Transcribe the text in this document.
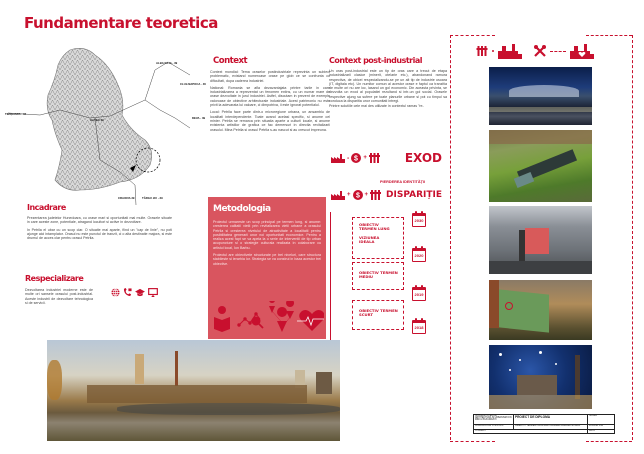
Fundamentare teoretica
ALBA IULIA - 39
CLUJ-NAPOCA - 46
TIMIȘOARA - 34
HAȚEG 39	DEVA - 39
CRAIOVA 39	TÂRGU JIU - 39
Incadrare

Prezentarea judetelor Hunedoara, cu orase mari si oportunitati mai multe. Orasele situate in care aceste zone, potentiale, atragand locuitori si active in dezvoltare.

In Petrila el ubar cu un scop clar. O situatie mai aparte, fiind un "cap de linie", nu poti ajunge aici intamplator. Orasul nu este punctul de tranzit, ci o alta destinatie majora, si este drumul de acces clar pentru orasul Petrila.

Respecializare
Dezvoltarea industriei moderne este de multe ori sansele orasului post-industrial. Aceste industrii de dezvoltare tehnologica si de servicii.
Context

Context mondial: Tema oraselor postindustriale reprezinta un subiect problematic, existand numeroase orase pe glob ce se confrunta cu dificultati, dupa caderea industriei.

National: Romania se afla dezavantajata printre tarile in care industrializarea a reprezentat un fenomen extins, cu un numar mare de orase dezvoltate in jurul industriei. Astfel, discutam in prezent de exemple valoroase de obiective arhitecturale industriale. Acest patrimoniu nu este privit la adevarata lui valoare, ci dimpotriva, ii este ignorat potentialul.

Local: Petrila face parte dintr-o microregiune urbana, un ansamblu de localitati interdependente. Toate avand acelasi specific, si anume cel minier. Petrila se remarca prin situatia aparte a culturii locale, si anume existenta artistilor de grafica ce fac demersuri in directia revitalizarii orasului. Mina Petrila si orasul Petrila s-au nascut si au crescut impreuna.

Context post-industrial

Un oras post-industrial este un tip de oras care a trecut de etapa industrializarii clasice (minerit, otelarie etc.), abandonand ramura respectiva, de obicei respecializandu-se pe un alt tip de industrie usoara (IT, digitala etc). Un numitor comun al acestor orase e faptul ca tranzitia de multe ori nu are loc, lasand un gol economic. Din aceasta privinta, se dezvolta un exod al populatiei rezultand si intr-un gol social. Orasele respective ajung sa sufere pe toate planurile urbane si pot cu timpul sa conduca la disparitia unor comunitati intregi.

Printre solutiile cele mai des utilizate in contextul ramas "re-

- $ +	EXOD
PIERDEREA IDENTITĂȚII
+ $ + DISPARIȚIE
Metodologia

Proiectul urmareste un scop principal pe termen lung, si anume: cresterea calitatii vietii prin revitalizarea vietii urbane a orasului Petrila si cresterea nivelului de atractivitate a localitatii pentru posibilitatea generarii unor noi oportunitati economice. Pentru a realiza acest fapt se va apela la o serie de interventii de tip urban acupuncture si o strategie culturala realizata in colaborare cu artistul local, Ion Barbu.

Proiectul are obiectivele structurate pe trei niveluri, care structura stabileste si ierarhia lor. Strategia se va construi in baza acestor trei obiective.

OBIECTIV TERMEN LUNG
VIZIUNEA IDEALA
2030
2020
OBIECTIV TERMEN MEDIU
2019
OBIECTIV TERMEN SCURT
2018
UNIVERSITATEA DE ARHITECTURA SI URBANISM ION MINCU BUCURESTI	PROIECT DE DIPLOMA	SCARA
CONDUCATOR STIINTIFIC	OBIECTIV TERMEN LUNG REVITALIZARE URBANA PETRILA	PLANSA 1/10
STUDENT		DATA
